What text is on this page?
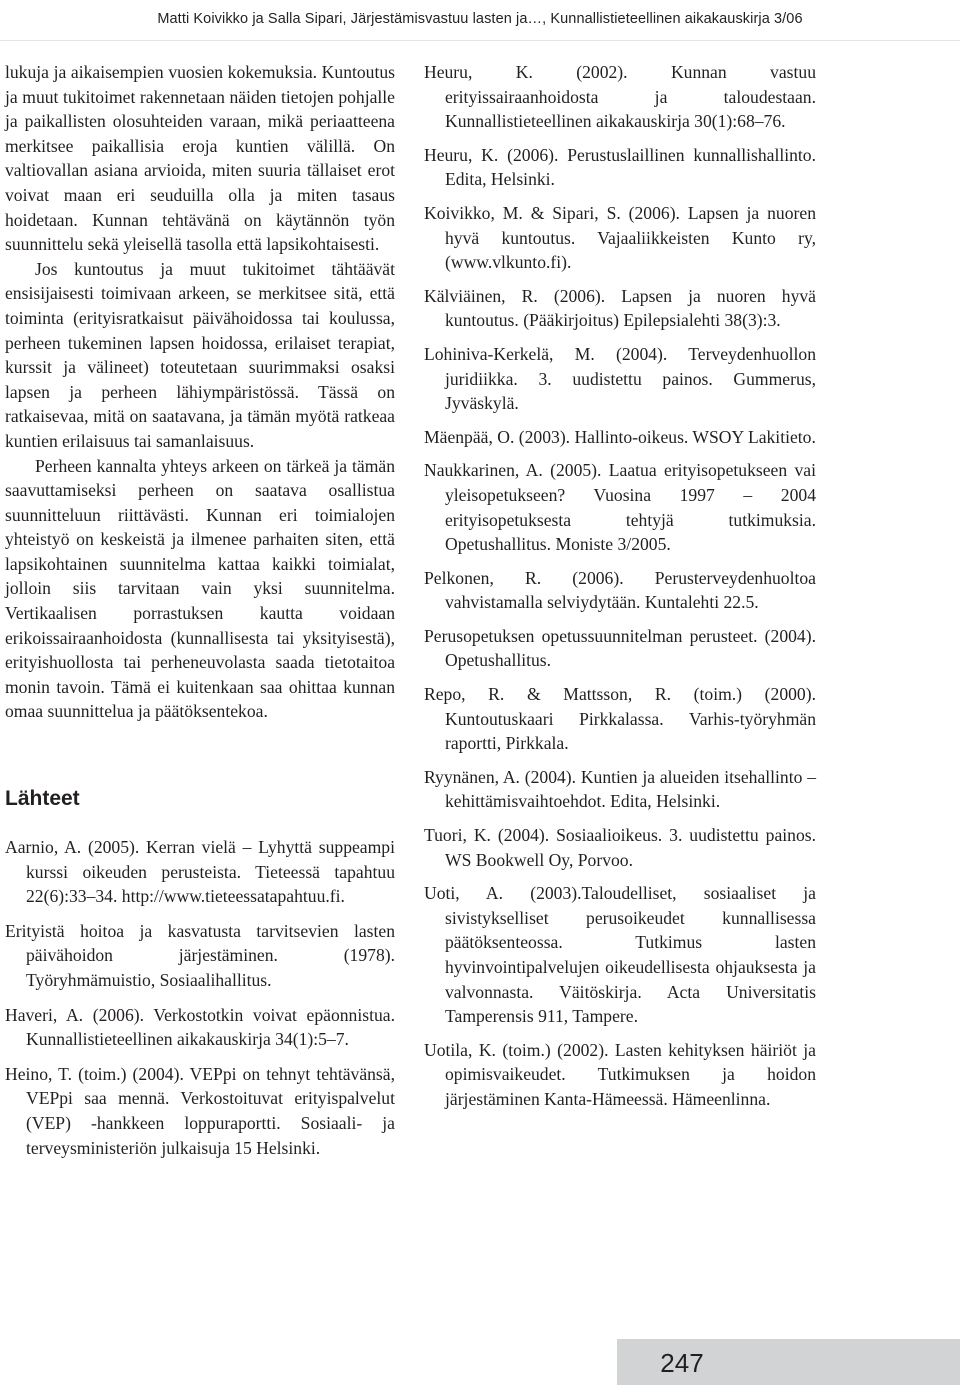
Matti Koivikko ja Salla Sipari, Järjestämisvastuu lasten ja…, Kunnallistieteellinen aikakauskirja 3/06

lukuja ja aikaisempien vuosien kokemuksia. Kuntoutus ja muut tukitoimet rakennetaan näiden tietojen pohjalle ja paikallisten olosuhteiden varaan, mikä periaatteena merkitsee paikallisia eroja kuntien välillä. On valtiovallan asiana arvioida, miten suuria tällaiset erot voivat maan eri seuduilla olla ja miten tasaus hoidetaan. Kunnan tehtävänä on käytännön työn suunnittelu sekä yleisellä tasolla että lapsikohtaisesti.

Jos kuntoutus ja muut tukitoimet tähtäävät ensisijaisesti toimivaan arkeen, se merkitsee sitä, että toiminta (erityisratkaisut päivähoidossa tai koulussa, perheen tukeminen lapsen hoidossa, erilaiset terapiat, kurssit ja välineet) toteutetaan suurimmaksi osaksi lapsen ja perheen lähiympäristössä. Tässä on ratkaisevaa, mitä on saatavana, ja tämän myötä ratkeaa kuntien erilaisuus tai samanlaisuus.

Perheen kannalta yhteys arkeen on tärkeä ja tämän saavuttamiseksi perheen on saatava osallistua suunnitteluun riittävästi. Kunnan eri toimialojen yhteistyö on keskeistä ja ilmenee parhaiten siten, että lapsikohtainen suunnitelma kattaa kaikki toimialat, jolloin siis tarvitaan vain yksi suunnitelma. Vertikaalisen porrastuksen kautta voidaan erikoissairaanhoidosta (kunnallisesta tai yksityisestä), erityishuollosta tai perheneuvolasta saada tietotaitoa monin tavoin. Tämä ei kuitenkaan saa ohittaa kunnan omaa suunnittelua ja päätöksentekoa.

Lähteet

Aarnio, A. (2005). Kerran vielä – Lyhyttä suppeampi kurssi oikeuden perusteista. Tieteessä tapahtuu 22(6):33–34. http://www.tieteessatapahtuu.fi.

Erityistä hoitoa ja kasvatusta tarvitsevien lasten päivähoidon järjestäminen. (1978). Työryhmämuistio, Sosiaalihallitus.

Haveri, A. (2006). Verkostotkin voivat epäonnistua. Kunnallistieteellinen aikakauskirja 34(1):5–7.

Heino, T. (toim.) (2004). VEPpi on tehnyt tehtävänsä, VEPpi saa mennä. Verkostoituvat erityispalvelut (VEP) -hankkeen loppuraportti. Sosiaali- ja terveysministeriön julkaisuja 15 Helsinki.

Heuru, K. (2002). Kunnan vastuu erityissairaanhoidosta ja taloudestaan. Kunnallistieteellinen aikakauskirja 30(1):68–76.

Heuru, K. (2006). Perustuslaillinen kunnallishallinto. Edita, Helsinki.

Koivikko, M. & Sipari, S. (2006). Lapsen ja nuoren hyvä kuntoutus. Vajaaliikkeisten Kunto ry, (www.vlkunto.fi).

Kälviäinen, R. (2006). Lapsen ja nuoren hyvä kuntoutus. (Pääkirjoitus) Epilepsialehti 38(3):3.

Lohiniva-Kerkelä, M. (2004). Terveydenhuollon juridiikka. 3. uudistettu painos. Gummerus, Jyväskylä.

Mäenpää, O. (2003). Hallinto-oikeus. WSOY Lakitieto.

Naukkarinen, A. (2005). Laatua erityisopetukseen vai yleisopetukseen? Vuosina 1997 – 2004 erityisopetuksesta tehtyjä tutkimuksia. Opetushallitus. Moniste 3/2005.

Pelkonen, R. (2006). Perusterveydenhuoltoa vahvistamalla selviydytään. Kuntalehti 22.5.

Perusopetuksen opetussuunnitelman perusteet. (2004). Opetushallitus.

Repo, R. & Mattsson, R. (toim.) (2000). Kuntoutuskaari Pirkkalassa. Varhis-työryhmän raportti, Pirkkala.

Ryynänen, A. (2004). Kuntien ja alueiden itsehallinto – kehittämisvaihtoehdot. Edita, Helsinki.

Tuori, K. (2004). Sosiaalioikeus. 3. uudistettu painos. WS Bookwell Oy, Porvoo.

Uoti, A. (2003).Taloudelliset, sosiaaliset ja sivistykselliset perusoikeudet kunnallisessa päätöksenteossa. Tutkimus lasten hyvinvointipalvelujen oikeudellisesta ohjauksesta ja valvonnasta. Väitöskirja. Acta Universitatis Tamperensis 911, Tampere.

Uotila, K. (toim.) (2002). Lasten kehityksen häiriöt ja opimisvaikeudet. Tutkimuksen ja hoidon järjestäminen Kanta-Hämeessä. Hämeenlinna.

247
